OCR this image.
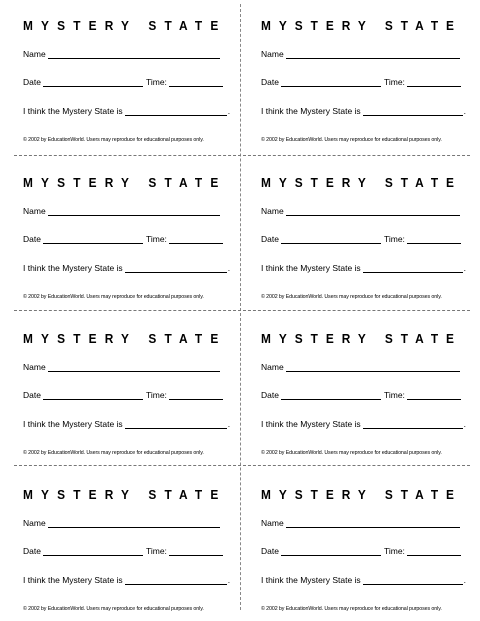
MYSTERY STATE
Name
Date	Time:
I think the Mystery State is	.
© 2002 by EducationWorld. Users may reproduce for educational purposes only.
MYSTERY STATE
Name
Date	Time:
I think the Mystery State is	.
© 2002 by EducationWorld. Users may reproduce for educational purposes only.
MYSTERY STATE
Name
Date	Time:
I think the Mystery State is	.
© 2002 by EducationWorld. Users may reproduce for educational purposes only.
MYSTERY STATE
Name
Date	Time:
I think the Mystery State is	.
© 2002 by EducationWorld. Users may reproduce for educational purposes only.
MYSTERY STATE
Name
Date	Time:
I think the Mystery State is	.
© 2002 by EducationWorld. Users may reproduce for educational purposes only.
MYSTERY STATE
Name
Date	Time:
I think the Mystery State is	.
© 2002 by EducationWorld. Users may reproduce for educational purposes only.
MYSTERY STATE
Name
Date	Time:
I think the Mystery State is	.
© 2002 by EducationWorld. Users may reproduce for educational purposes only.
MYSTERY STATE
Name
Date	Time:
I think the Mystery State is	.
© 2002 by EducationWorld. Users may reproduce for educational purposes only.
